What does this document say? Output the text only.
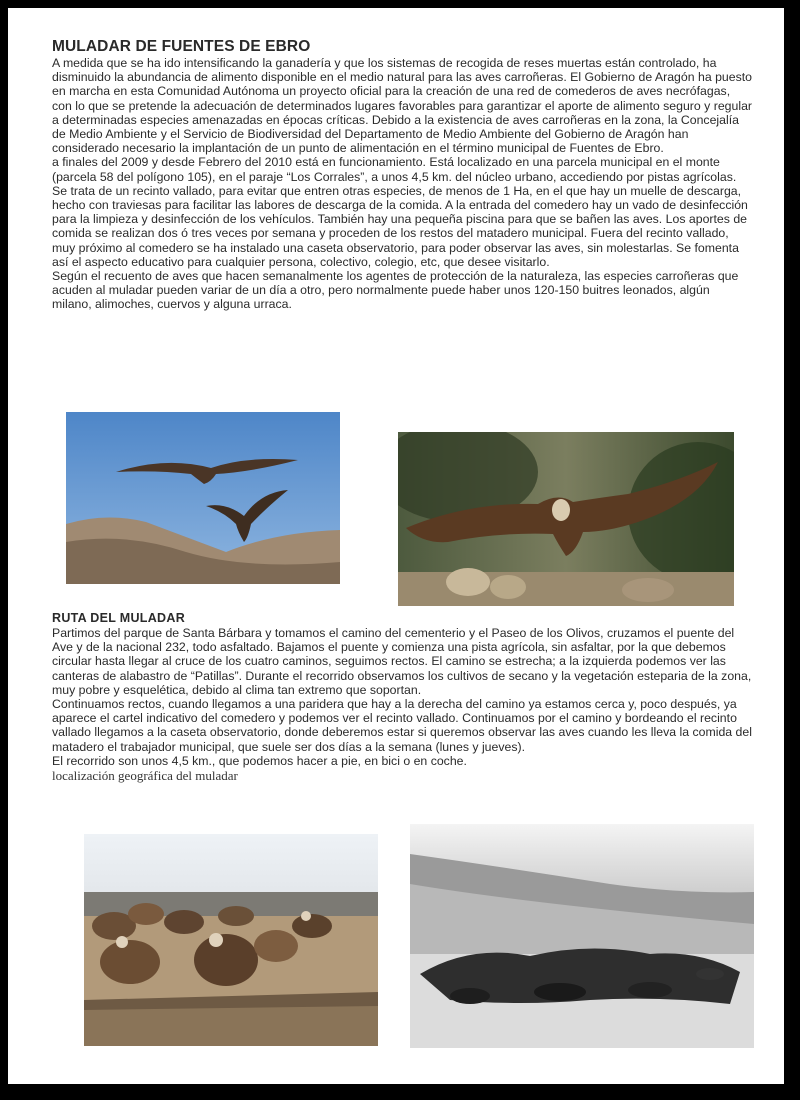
MULADAR DE FUENTES DE EBRO

A medida que se ha ido intensificando la ganadería y que los sistemas de recogida de reses muertas están controlado, ha disminuido la abundancia de alimento disponible en el medio natural para las aves carroñeras. El Gobierno de Aragón ha puesto en marcha en esta Comunidad Autónoma un proyecto oficial para la creación de una red de comederos de aves necrófagas, con lo que se pretende la adecuación de determinados lugares favorables para garantizar el aporte de alimento seguro y regular a determinadas especies amenazadas en épocas críticas. Debido a la existencia de aves carroñeras en la zona, la Concejalía de Medio Ambiente y el Servicio de Biodiversidad del Departamento de Medio Ambiente del Gobierno de Aragón han considerado necesario la implantación de un punto de alimentación en el término municipal de Fuentes de Ebro.

a finales del 2009 y desde Febrero del 2010 está en funcionamiento. Está localizado en una parcela municipal en el monte (parcela 58 del polígono 105), en el paraje “Los Corrales”, a unos 4,5 km. del núcleo urbano, accediendo por pistas agrícolas.

Se trata de un recinto vallado, para evitar que entren otras especies, de menos de 1 Ha, en el que hay un muelle de descarga, hecho con traviesas para facilitar las labores de descarga de la comida. A la entrada del comedero hay un vado de desinfección para la limpieza y desinfección de los vehículos. También hay una pequeña piscina para que se bañen las aves. Los aportes de comida se realizan dos ó tres veces por semana y proceden de los restos del matadero municipal. Fuera del recinto vallado, muy próximo al comedero se ha instalado una caseta observatorio, para poder observar las aves, sin molestarlas. Se fomenta así el aspecto educativo para cualquier persona, colectivo, colegio, etc, que desee visitarlo.

Según el recuento de aves que hacen semanalmente los agentes de protección de la naturaleza, las especies carroñeras que acuden al muladar pueden variar de un día a otro, pero normalmente puede haber unos 120-150 buitres leonados, algún milano, alimoches, cuervos y alguna urraca.

RUTA DEL MULADAR

Partimos del parque de Santa Bárbara y tomamos el camino del cementerio y el Paseo de los Olivos, cruzamos el puente del Ave y de la nacional 232, todo asfaltado. Bajamos el puente y comienza una pista agrícola, sin asfaltar, por la que debemos circular hasta llegar al cruce de los cuatro caminos, seguimos rectos. El camino se estrecha; a la izquierda podemos ver las canteras de alabastro de “Patillas”. Durante el recorrido observamos los cultivos de secano y la vegetación esteparia de la zona, muy pobre y esquelética, debido al clima tan extremo que soportan.

Continuamos rectos, cuando llegamos a una paridera que hay a la derecha del camino ya estamos cerca y, poco después, ya aparece el cartel indicativo del comedero y podemos ver el recinto vallado. Continuamos por el camino y bordeando el recinto vallado llegamos a la caseta observatorio, donde deberemos estar si queremos observar las aves cuando les lleva la comida del matadero el trabajador municipal, que suele ser dos días a la semana (lunes y jueves).

El recorrido son unos 4,5 km., que podemos hacer a pie, en bici o en coche.

localización geográfica del muladar
